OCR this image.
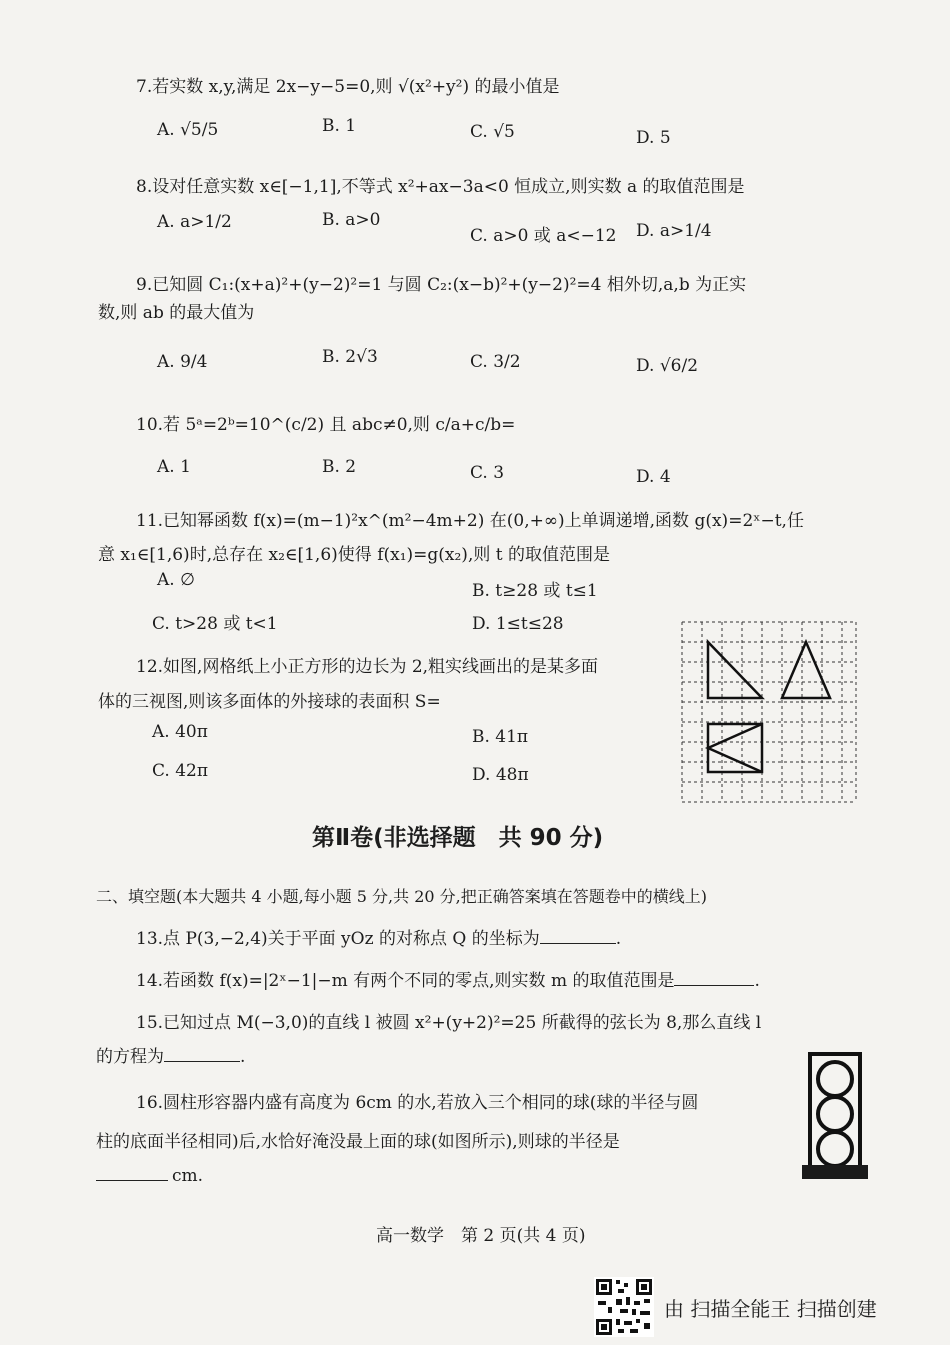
7.若实数 x,y,满足 2x−y−5=0,则 √(x²+y²) 的最小值是
A. √5/5	B. 1	C. √5	D. 5
8.设对任意实数 x∈[−1,1],不等式 x²+ax−3a<0 恒成立,则实数 a 的取值范围是
A. a>1/2	B. a>0
C. a>0 或 a<−12 D. a>1/4
9.已知圆 C₁:(x+a)²+(y−2)²=1 与圆 C₂:(x−b)²+(y−2)²=4 相外切,a,b 为正实
数,则 ab 的最大值为
A. 9/4	B. 2√3	C. 3/2	D. √6/2
10.若 5ᵃ=2ᵇ=10^(c/2) 且 abc≠0,则 c/a+c/b=
A. 1	B. 2	C. 3	D. 4
11.已知幂函数 f(x)=(m−1)²x^(m²−4m+2) 在(0,+∞)上单调递增,函数 g(x)=2ˣ−t,任
意 x₁∈[1,6)时,总存在 x₂∈[1,6)使得 f(x₁)=g(x₂),则 t 的取值范围是
A. ∅
B. t≥28 或 t≤1
C. t>28 或 t<1	D. 1≤t≤28
12.如图,网格纸上小正方形的边长为 2,粗实线画出的是某多面
体的三视图,则该多面体的外接球的表面积 S=
A. 40π	B. 41π
C. 42π	D. 48π
第Ⅱ卷(非选择题　共 90 分)
二、填空题(本大题共 4 小题,每小题 5 分,共 20 分,把正确答案填在答题卷中的横线上)
13.点 P(3,−2,4)关于平面 yOz 的对称点 Q 的坐标为	.
14.若函数 f(x)=|2ˣ−1|−m 有两个不同的零点,则实数 m 的取值范围是	.
15.已知过点 M(−3,0)的直线 l 被圆 x²+(y+2)²=25 所截得的弦长为 8,那么直线 l
的方程为	.
16.圆柱形容器内盛有高度为 6cm 的水,若放入三个相同的球(球的半径与圆
柱的底面半径相同)后,水恰好淹没最上面的球(如图所示),则球的半径是
cm.
高一数学　第 2 页(共 4 页)
由 扫描全能王 扫描创建
